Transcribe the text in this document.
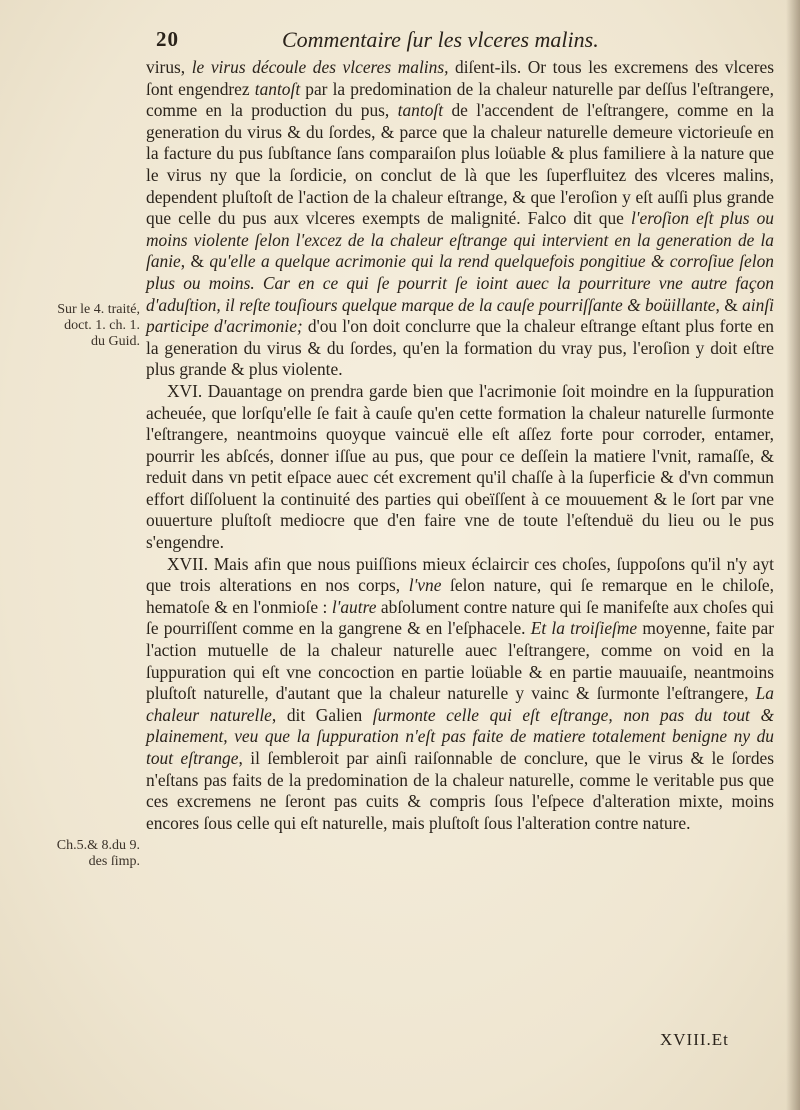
20	Commentaire ſur les vlceres malins.
Sur le 4. traité, doct. 1. ch. 1. du Guid.
Ch.5.& 8.du 9. des ſimp.

virus, le virus découle des vlceres malins, diſent-ils. Or tous les excremens des vlceres ſont engendrez tantoſt par la predomination de la chaleur naturelle par deſſus l'eſtrangere, comme en la production du pus, tantoſt de l'accendent de l'eſtrangere, comme en la generation du virus & du ſordes, & parce que la chaleur naturelle demeure victorieuſe en la facture du pus ſubſtance ſans comparaiſon plus loüable & plus familiere à la nature que le virus ny que la ſordicie, on conclut de là que les ſuperfluitez des vlceres malins, dependent pluſtoſt de l'action de la chaleur eſtrange, & que l'eroſion y eſt auſſi plus grande que celle du pus aux vlceres exempts de malignité. Falco dit que l'eroſion eſt plus ou moins violente ſelon l'excez de la chaleur eſtrange qui intervient en la generation de la ſanie, & qu'elle a quelque acrimonie qui la rend quelquefois pongitiue & corroſiue ſelon plus ou moins. Car en ce qui ſe pourrit ſe ioint auec la pourriture vne autre façon d'aduſtion, il reſte touſiours quelque marque de la cauſe pourriſſante & boüillante, & ainſi participe d'acrimonie; d'ou l'on doit conclurre que la chaleur eſtrange eſtant plus forte en la generation du virus & du ſordes, qu'en la formation du vray pus, l'eroſion y doit eſtre plus grande & plus violente.

XVI. Dauantage on prendra garde bien que l'acrimonie ſoit moindre en la ſuppuration acheuée, que lorſqu'elle ſe fait à cauſe qu'en cette formation la chaleur naturelle ſurmonte l'eſtrangere, neantmoins quoyque vaincuë elle eſt aſſez forte pour corroder, entamer, pourrir les abſcés, donner iſſue au pus, que pour ce deſſein la matiere l'vnit, ramaſſe, & reduit dans vn petit eſpace auec cét excrement qu'il chaſſe à la ſuperficie & d'vn commun effort diſſoluent la continuité des parties qui obeïſſent à ce mouuement & le ſort par vne ouuerture pluſtoſt mediocre que d'en faire vne de toute l'eſtenduë du lieu ou le pus s'engendre.

XVII. Mais afin que nous puiſſions mieux éclaircir ces choſes, ſuppoſons qu'il n'y ayt que trois alterations en nos corps, l'vne ſelon nature, qui ſe remarque en le chiloſe, hematoſe & en l'onmioſe : l'autre abſolument contre nature qui ſe manifeſte aux choſes qui ſe pourriſſent comme en la gangrene & en l'eſphacele. Et la troiſieſme moyenne, faite par l'action mutuelle de la chaleur naturelle auec l'eſtrangere, comme on void en la ſuppuration qui eſt vne concoction en partie loüable & en partie mauuaiſe, neantmoins pluſtoſt naturelle, d'autant que la chaleur naturelle y vainc & ſurmonte l'eſtrangere, La chaleur naturelle, dit Galien ſurmonte celle qui eſt eſtrange, non pas du tout & plainement, veu que la ſuppuration n'eſt pas faite de matiere totalement benigne ny du tout eſtrange, il ſembleroit par ainſi raiſonnable de conclure, que le virus & le ſordes n'eſtans pas faits de la predomination de la chaleur naturelle, comme le veritable pus que ces excremens ne ſeront pas cuits & compris ſous l'eſpece d'alteration mixte, moins encores ſous celle qui eſt naturelle, mais pluſtoſt ſous l'alteration contre nature.

XVIII.Et
